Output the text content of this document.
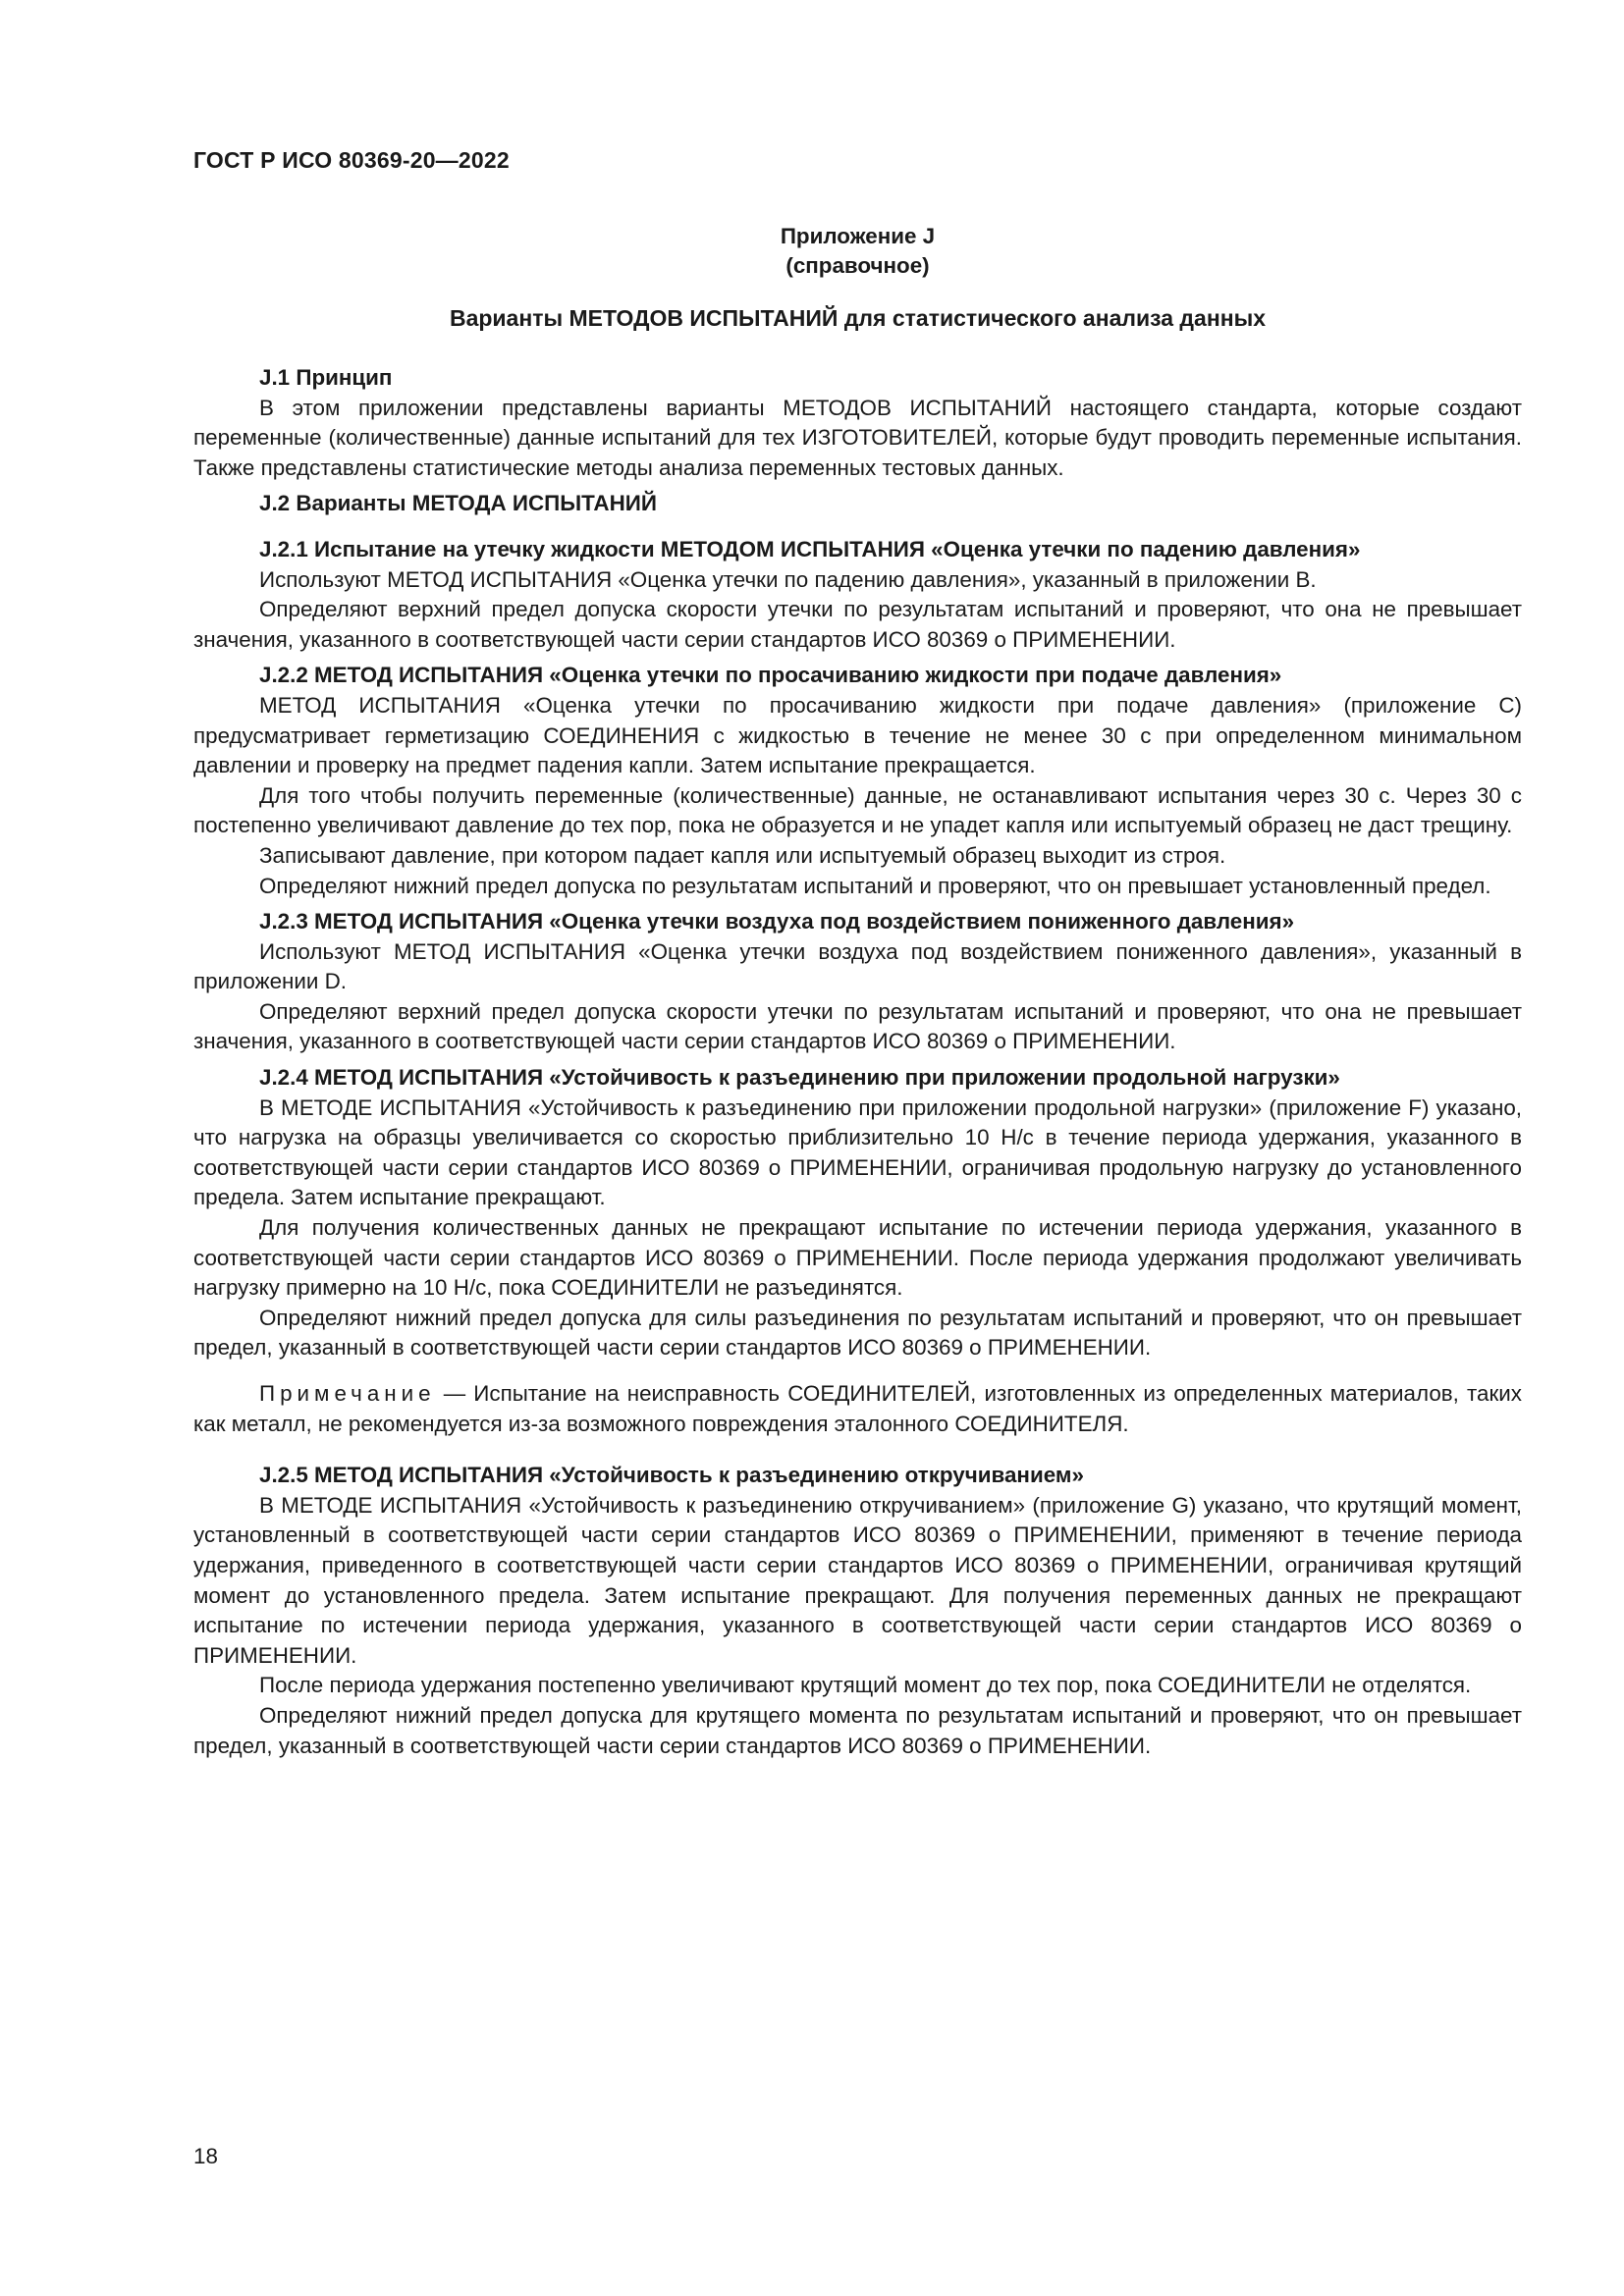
ГОСТ Р ИСО 80369-20—2022
Приложение J
(справочное)
Варианты МЕТОДОВ ИСПЫТАНИЙ для статистического анализа данных
J.1 Принцип
В этом приложении представлены варианты МЕТОДОВ ИСПЫТАНИЙ настоящего стандарта, которые создают переменные (количественные) данные испытаний для тех ИЗГОТОВИТЕЛЕЙ, которые будут проводить переменные испытания. Также представлены статистические методы анализа переменных тестовых данных.
J.2 Варианты МЕТОДА ИСПЫТАНИЙ
J.2.1 Испытание на утечку жидкости МЕТОДОМ ИСПЫТАНИЯ «Оценка утечки по падению давления»
Используют МЕТОД ИСПЫТАНИЯ «Оценка утечки по падению давления», указанный в приложении В.
Определяют верхний предел допуска скорости утечки по результатам испытаний и проверяют, что она не превышает значения, указанного в соответствующей части серии стандартов ИСО 80369 о ПРИМЕНЕНИИ.
J.2.2 МЕТОД ИСПЫТАНИЯ «Оценка утечки по просачиванию жидкости при подаче давления»
МЕТОД ИСПЫТАНИЯ «Оценка утечки по просачиванию жидкости при подаче давления» (приложение С) предусматривает герметизацию СОЕДИНЕНИЯ с жидкостью в течение не менее 30 с при определенном минимальном давлении и проверку на предмет падения капли. Затем испытание прекращается.
Для того чтобы получить переменные (количественные) данные, не останавливают испытания через 30 с. Через 30 с постепенно увеличивают давление до тех пор, пока не образуется и не упадет капля или испытуемый образец не даст трещину.
Записывают давление, при котором падает капля или испытуемый образец выходит из строя.
Определяют нижний предел допуска по результатам испытаний и проверяют, что он превышает установленный предел.
J.2.3 МЕТОД ИСПЫТАНИЯ «Оценка утечки воздуха под воздействием пониженного давления»
Используют МЕТОД ИСПЫТАНИЯ «Оценка утечки воздуха под воздействием пониженного давления», указанный в приложении D.
Определяют верхний предел допуска скорости утечки по результатам испытаний и проверяют, что она не превышает значения, указанного в соответствующей части серии стандартов ИСО 80369 о ПРИМЕНЕНИИ.
J.2.4 МЕТОД ИСПЫТАНИЯ «Устойчивость к разъединению при приложении продольной нагрузки»
В МЕТОДЕ ИСПЫТАНИЯ «Устойчивость к разъединению при приложении продольной нагрузки» (приложение F) указано, что нагрузка на образцы увеличивается со скоростью приблизительно 10 Н/с в течение периода удержания, указанного в соответствующей части серии стандартов ИСО 80369 о ПРИМЕНЕНИИ, ограничивая продольную нагрузку до установленного предела. Затем испытание прекращают.
Для получения количественных данных не прекращают испытание по истечении периода удержания, указанного в соответствующей части серии стандартов ИСО 80369 о ПРИМЕНЕНИИ. После периода удержания продолжают увеличивать нагрузку примерно на 10 Н/с, пока СОЕДИНИТЕЛИ не разъединятся.
Определяют нижний предел допуска для силы разъединения по результатам испытаний и проверяют, что он превышает предел, указанный в соответствующей части серии стандартов ИСО 80369 о ПРИМЕНЕНИИ.
Примечание — Испытание на неисправность СОЕДИНИТЕЛЕЙ, изготовленных из определенных материалов, таких как металл, не рекомендуется из-за возможного повреждения эталонного СОЕДИНИТЕЛЯ.
J.2.5 МЕТОД ИСПЫТАНИЯ «Устойчивость к разъединению откручиванием»
В МЕТОДЕ ИСПЫТАНИЯ «Устойчивость к разъединению откручиванием» (приложение G) указано, что крутящий момент, установленный в соответствующей части серии стандартов ИСО 80369 о ПРИМЕНЕНИИ, применяют в течение периода удержания, приведенного в соответствующей части серии стандартов ИСО 80369 о ПРИМЕНЕНИИ, ограничивая крутящий момент до установленного предела. Затем испытание прекращают. Для получения переменных данных не прекращают испытание по истечении периода удержания, указанного в соответствующей части серии стандартов ИСО 80369 о ПРИМЕНЕНИИ.
После периода удержания постепенно увеличивают крутящий момент до тех пор, пока СОЕДИНИТЕЛИ не отделятся.
Определяют нижний предел допуска для крутящего момента по результатам испытаний и проверяют, что он превышает предел, указанный в соответствующей части серии стандартов ИСО 80369 о ПРИМЕНЕНИИ.
18
